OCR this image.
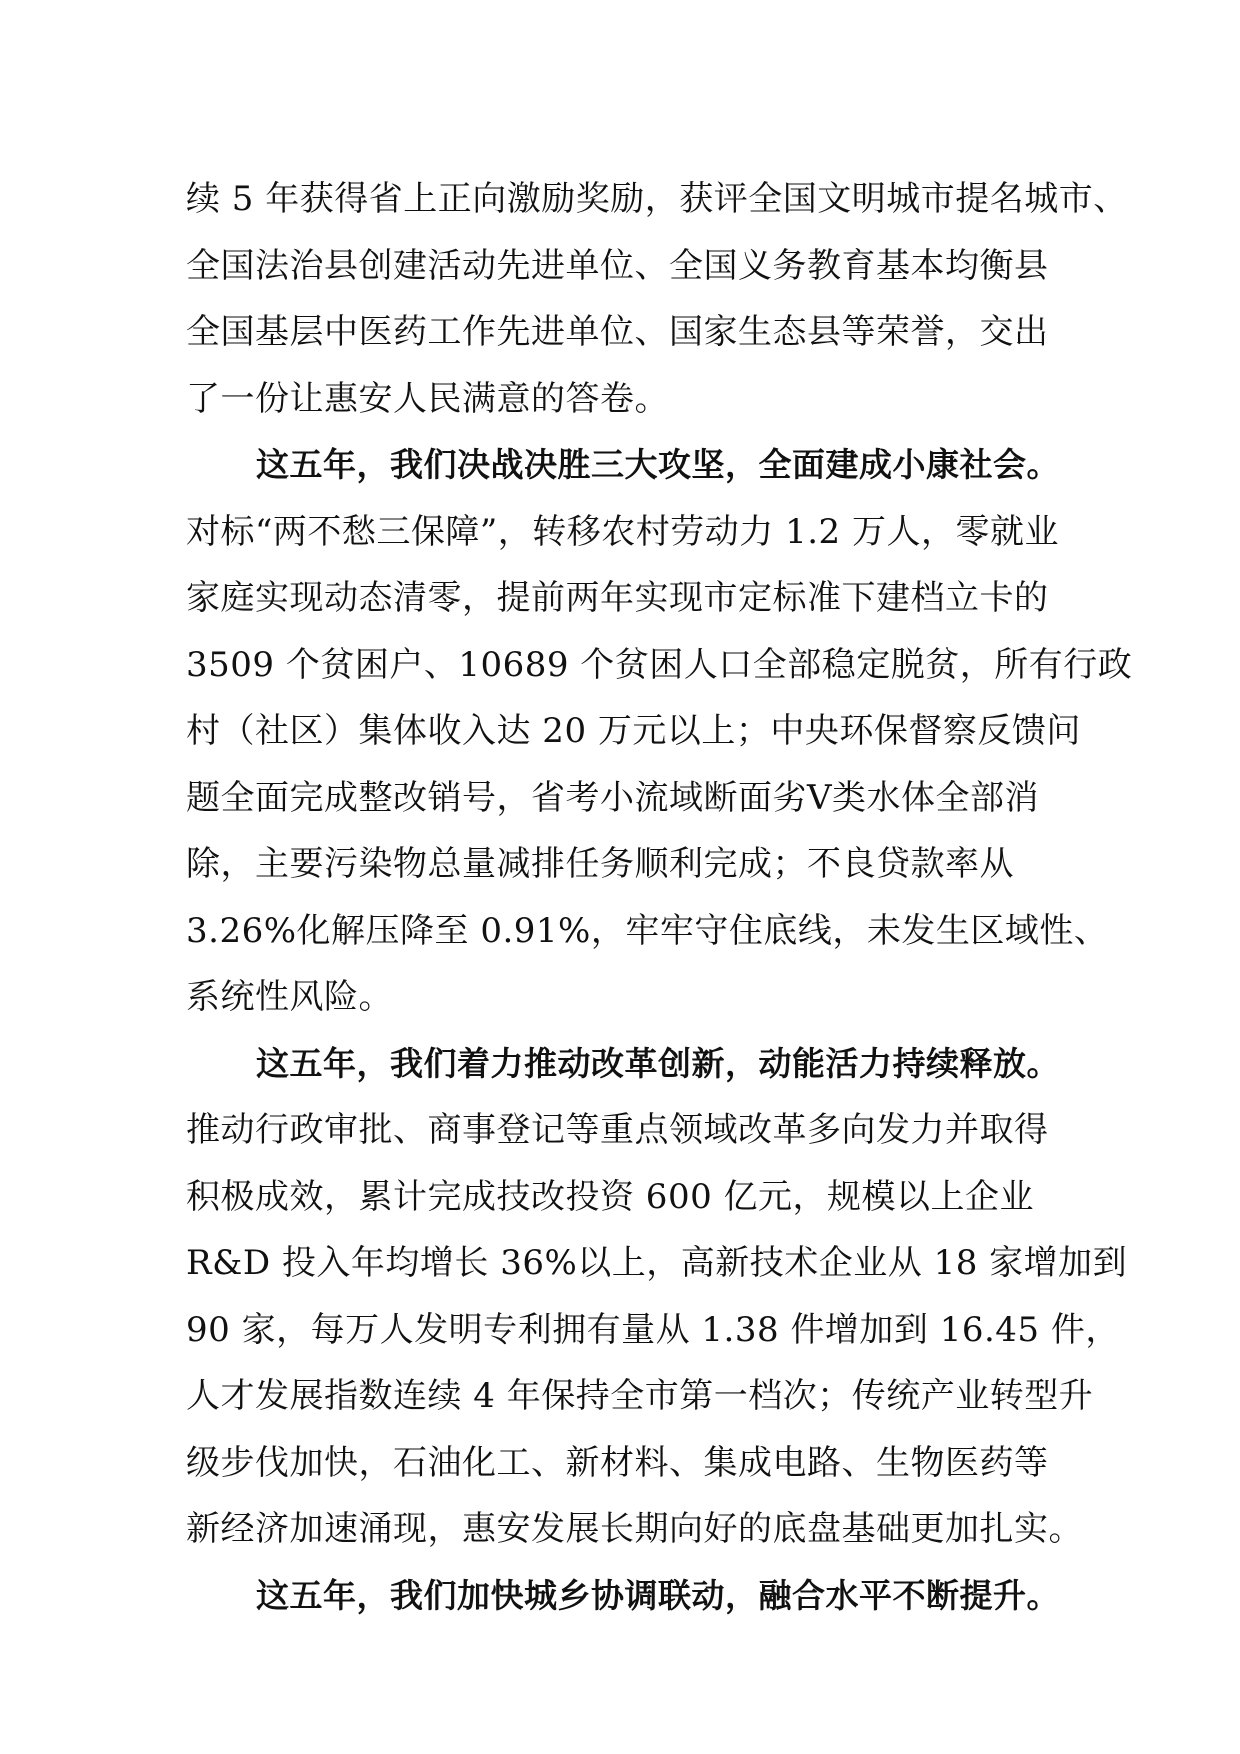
续 5 年获得省上正向激励奖励，获评全国文明城市提名城市、
全国法治县创建活动先进单位、全国义务教育基本均衡县
全国基层中医药工作先进单位、国家生态县等荣誉，交出
了一份让惠安人民满意的答卷。
这五年，我们决战决胜三大攻坚，全面建成小康社会。
对标“两不愁三保障”，转移农村劳动力 1.2 万人，零就业
家庭实现动态清零，提前两年实现市定标准下建档立卡的
3509 个贫困户、10689 个贫困人口全部稳定脱贫，所有行政
村（社区）集体收入达 20 万元以上；中央环保督察反馈问
题全面完成整改销号，省考小流域断面劣Ⅴ类水体全部消
除，主要污染物总量减排任务顺利完成；不良贷款率从
3.26%化解压降至 0.91%，牢牢守住底线，未发生区域性、
系统性风险。
这五年，我们着力推动改革创新，动能活力持续释放。
推动行政审批、商事登记等重点领域改革多向发力并取得
积极成效，累计完成技改投资 600 亿元，规模以上企业
R&D 投入年均增长 36%以上，高新技术企业从 18 家增加到
90 家，每万人发明专利拥有量从 1.38 件增加到 16.45 件，
人才发展指数连续 4 年保持全市第一档次；传统产业转型升
级步伐加快，石油化工、新材料、集成电路、生物医药等
新经济加速涌现，惠安发展长期向好的底盘基础更加扎实。
这五年，我们加快城乡协调联动，融合水平不断提升。
